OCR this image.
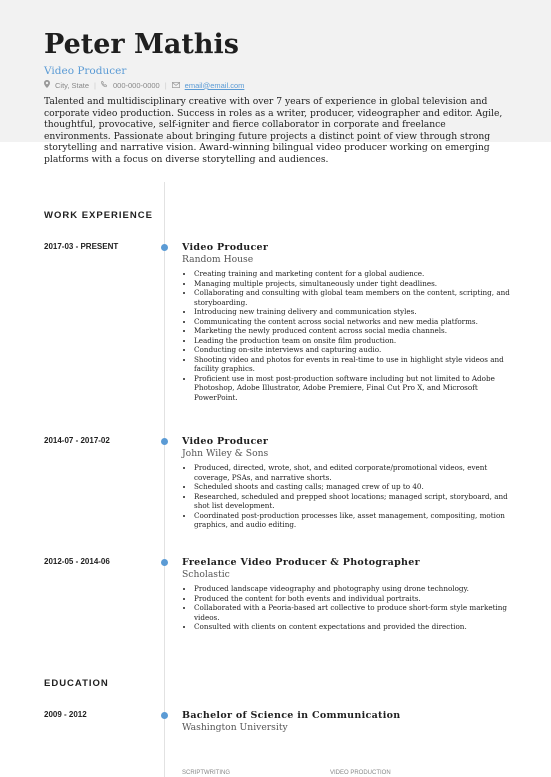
Peter Mathis
Video Producer
City, State | 000-000-0000 | email@email.com
Talented and multidisciplinary creative with over 7 years of experience in global television and corporate video production. Success in roles as a writer, producer, videographer and editor. Agile, thoughtful, provocative, self-igniter and fierce collaborator in corporate and freelance environments. Passionate about bringing future projects a distinct point of view through strong storytelling and narrative vision. Award-winning bilingual video producer working on emerging platforms with a focus on diverse storytelling and audiences.
WORK EXPERIENCE
2017-03 - PRESENT	Video Producer
Random House
• Creating training and marketing content for a global audience.
• Managing multiple projects, simultaneously under tight deadlines.
• Collaborating and consulting with global team members on the content, scripting, and storyboarding.
• Introducing new training delivery and communication styles.
• Communicating the content across social networks and new media platforms.
• Marketing the newly produced content across social media channels.
• Leading the production team on onsite film production.
• Conducting on-site interviews and capturing audio.
• Shooting video and photos for events in real-time to use in highlight style videos and facility graphics.
• Proficient use in most post-production software including but not limited to Adobe Photoshop, Adobe Illustrator, Adobe Premiere, Final Cut Pro X, and Microsoft PowerPoint.
2014-07 - 2017-02	Video Producer
John Wiley & Sons
• Produced, directed, wrote, shot, and edited corporate/promotional videos, event coverage, PSAs, and narrative shorts.
• Scheduled shoots and casting calls; managed crew of up to 40.
• Researched, scheduled and prepped shoot locations; managed script, storyboard, and shot list development.
• Coordinated post-production processes like, asset management, compositing, motion graphics, and audio editing.
2012-05 - 2014-06	Freelance Video Producer & Photographer
Scholastic
• Produced landscape videography and photography using drone technology.
• Produced the content for both events and individual portraits.
• Collaborated with a Peoria-based art collective to produce short-form style marketing videos.
• Consulted with clients on content expectations and provided the direction.
EDUCATION
2009 - 2012	Bachelor of Science in Communication
Washington University
SCRIPTWRITING	VIDEO PRODUCTION
